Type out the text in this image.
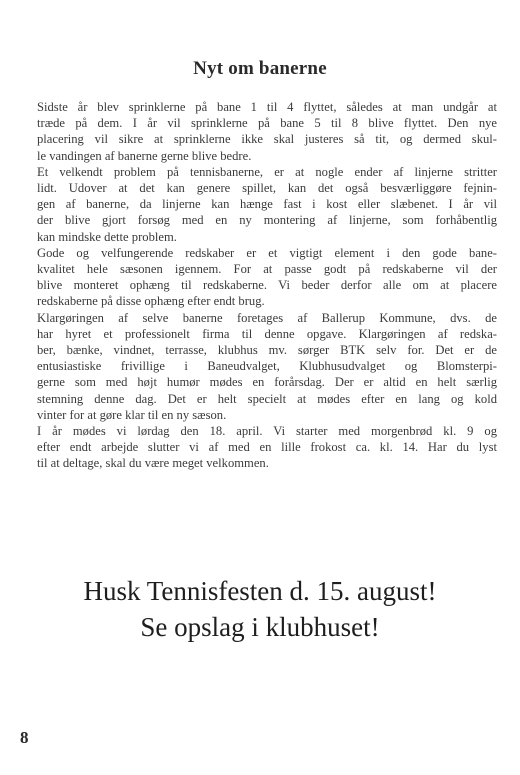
Nyt om banerne
Sidste år blev sprinklerne på bane 1 til 4 flyttet, således at man undgår at
træde på dem. I år vil sprinklerne på bane 5 til 8 blive flyttet. Den nye
placering vil sikre at sprinklerne ikke skal justeres så tit, og dermed skul-
le vandingen af banerne gerne blive bedre.
Et velkendt problem på tennisbanerne, er at nogle ender af linjerne stritter
lidt. Udover at det kan genere spillet, kan det også besværliggøre fejnin-
gen af banerne, da linjerne kan hænge fast i kost eller slæbenet. I år vil
der blive gjort forsøg med en ny montering af linjerne, som forhåbentlig
kan mindske dette problem.
Gode og velfungerende redskaber er et vigtigt element i den gode bane-
kvalitet hele sæsonen igennem. For at passe godt på redskaberne vil der
blive monteret ophæng til redskaberne. Vi beder derfor alle om at placere
redskaberne på disse ophæng efter endt brug.
Klargøringen af selve banerne foretages af Ballerup Kommune, dvs. de
har hyret et professionelt firma til denne opgave. Klargøringen af redska-
ber, bænke, vindnet, terrasse, klubhus mv. sørger BTK selv for. Det er de
entusiastiske frivillige i Baneudvalget, Klubhusudvalget og Blomsterpi-
gerne som med højt humør mødes en forårsdag. Der er altid en helt særlig
stemning denne dag. Det er helt specielt at mødes efter en lang og kold
vinter for at gøre klar til en ny sæson.
I år mødes vi lørdag den 18. april. Vi starter med morgenbrød kl. 9 og
efter endt arbejde slutter vi af med en lille frokost ca. kl. 14. Har du lyst
til at deltage, skal du være meget velkommen.
Husk Tennisfesten d. 15. august!
Se opslag i klubhuset!
8
